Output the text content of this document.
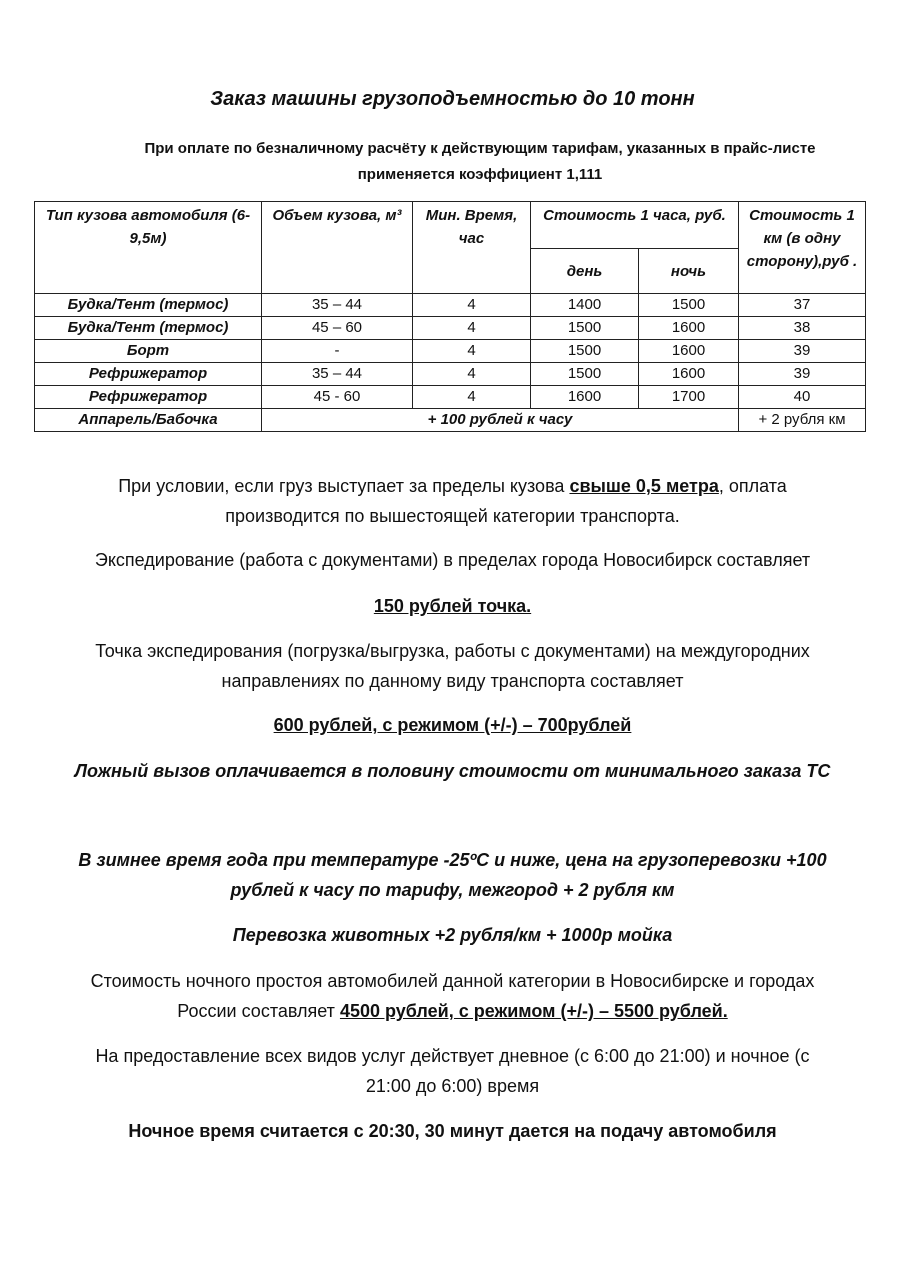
Заказ машины грузоподъемностью до 10 тонн
При оплате по безналичному расчёту к действующим тарифам, указанных в прайс-листе
применяется коэффициент 1,111
Тип кузова автомобиля (6-9,5м)	Объем кузова, м³	Мин. Время, час	Стоимость 1 часа, руб.		Стоимость 1 км (в одну сторону),руб .
			день	ночь	
Будка/Тент (термос)	35 – 44	4	1400	1500	37
Будка/Тент (термос)	45 – 60	4	1500	1600	38
Борт	-	4	1500	1600	39
Рефрижератор	35 – 44	4	1500	1600	39
Рефрижератор	45 - 60	4	1600	1700	40
Аппарель/Бабочка	+ 100 рублей к часу				+ 2 рубля км
При условии, если груз выступает за пределы кузова свыше 0,5 метра, оплата
производится по вышестоящей категории транспорта.
Экспедирование (работа с документами) в пределах города Новосибирск составляет
150 рублей точка.
Точка экспедирования (погрузка/выгрузка, работы с документами) на междугородних
направлениях по данному виду транспорта составляет
600 рублей, с режимом (+/-) – 700рублей
Ложный вызов оплачивается в половину стоимости от минимального заказа ТС
В зимнее время года при температуре -25ºС и ниже, цена на грузоперевозки +100
рублей к часу по тарифу, межгород + 2 рубля км
Перевозка животных +2 рубля/км + 1000р мойка
Стоимость ночного простоя автомобилей данной категории в Новосибирске и городах
России составляет 4500 рублей, с режимом (+/-) – 5500 рублей.
На предоставление всех видов услуг действует дневное (с 6:00 до 21:00) и ночное (с
21:00 до 6:00) время
Ночное время считается с 20:30, 30 минут дается на подачу автомобиля
